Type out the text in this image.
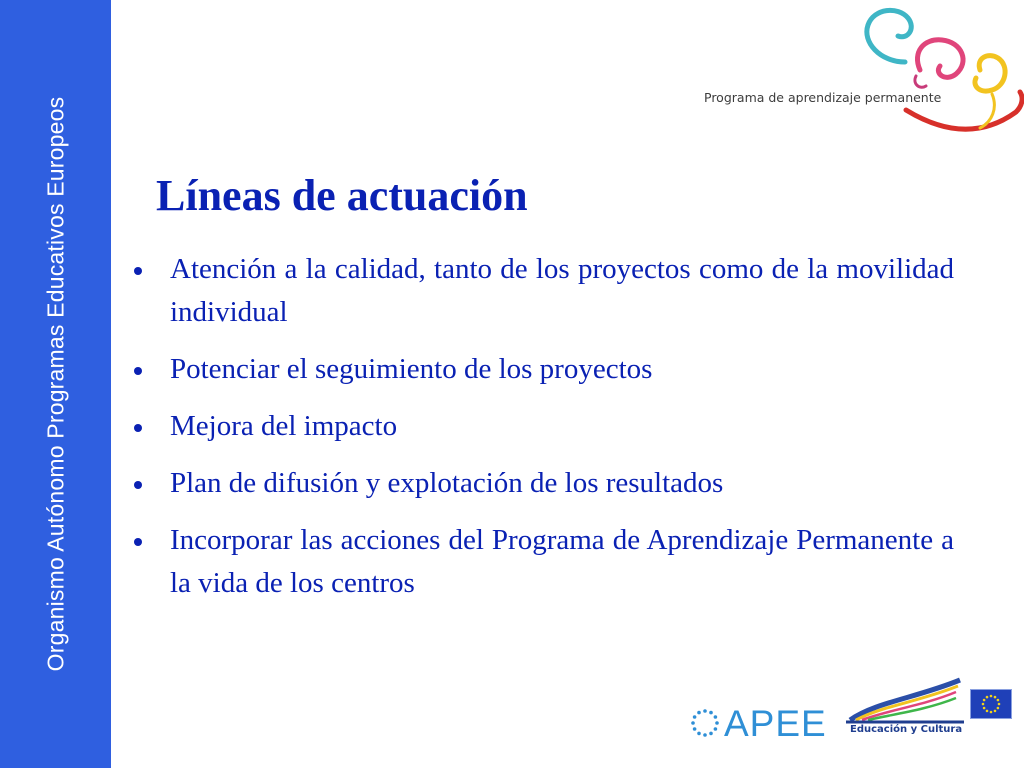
Organismo Autónomo Programas Educativos Europeos	Programa de aprendizaje permanente
Líneas de actuación
Atención a la calidad, tanto de los proyectos como de la movilidad individual
Potenciar el seguimiento de los proyectos
Mejora del impacto
Plan de difusión y explotación de los resultados
Incorporar las acciones del Programa de Aprendizaje Permanente a la vida de los centros
APEE Educación y Cultura
